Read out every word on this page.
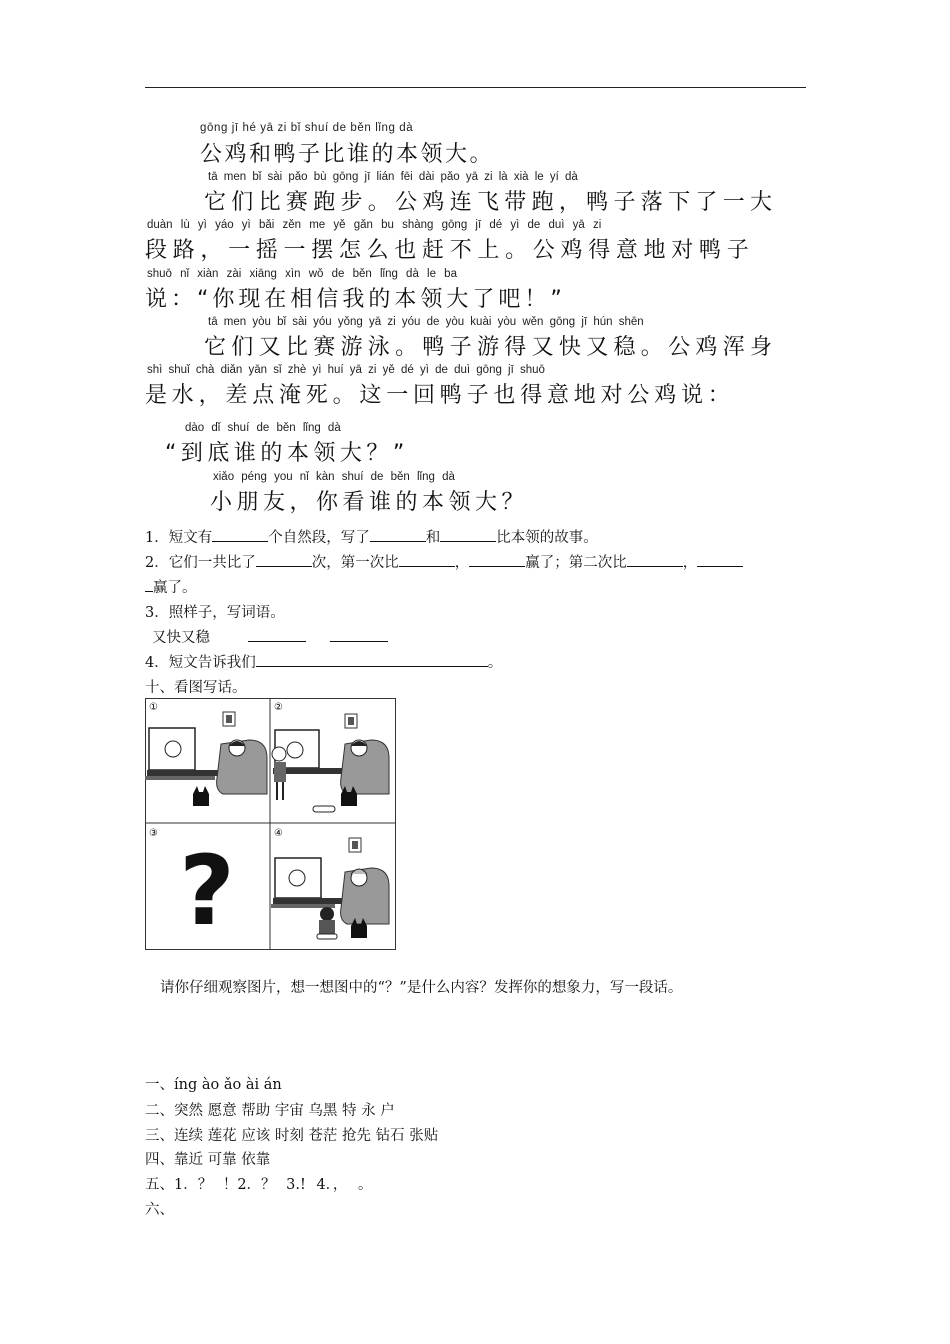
gōng jī hé yā zi bǐ shuí de běn lǐng dà
公鸡和鸭子比谁的本领大。
tā men bǐ sài pǎo bù gōng jī lián fēi dài pǎo yā zi là xià le yí dà
它们比赛跑步。公鸡连飞带跑，鸭子落下了一大
duàn lù yì yáo yì bǎi zěn me yě gǎn bu shàng gōng jī dé yì de duì yā zi
段路，一摇一摆怎么也赶不上。公鸡得意地对鸭子
shuō nǐ xiàn zài xiāng xìn wǒ de běn lǐng dà le ba
说：“你现在相信我的本领大了吧！”
tā men yòu bǐ sài yóu yǒng yā zi yóu de yòu kuài yòu wěn gōng jī hún shēn
它们又比赛游泳。鸭子游得又快又稳。公鸡浑身
shì shuǐ chà diǎn yān sǐ zhè yì huí yā zi yě dé yì de duì gōng jī shuō
是水，差点淹死。这一回鸭子也得意地对公鸡说：
dào dǐ shuí de běn lǐng dà
“到底谁的本领大？”
xiǎo péng you nǐ kàn shuí de běn lǐng dà
小朋友，你看谁的本领大？
1．短文有	个自然段，写了	和	比本领的故事。
2．它们一共比了	次，第一次比	，	赢了；第二次比	，
赢了。
3．照样子，写词语。
又快又稳
4．短文告诉我们	。
十、看图写话。
①	②
③
?
④
请你仔细观察图片，想一想图中的“？”是什么内容？发挥你的想象力，写一段话。
一、íng ào ǎo ài án
二、突然 愿意 帮助 宇宙 乌黑 特 永 户
三、连续 莲花 应该 时刻 苍茫 抢先 钻石 张贴
四、靠近 可靠 依靠
五、1．？ ！2．？ 3.! 4．， 。
六、
